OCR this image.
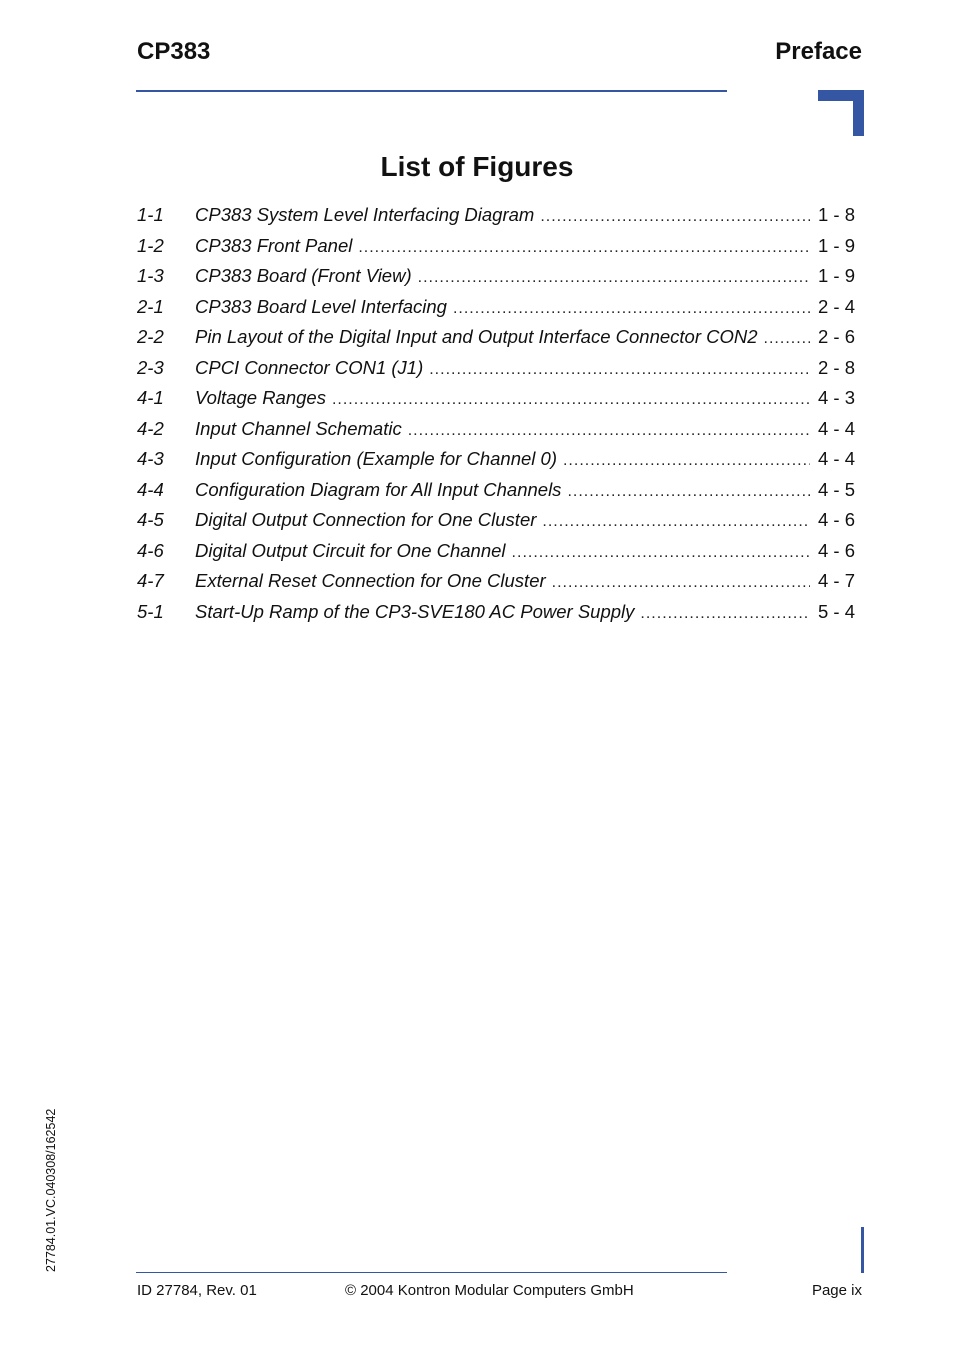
CP383	Preface
List of Figures
1-1	CP383 System Level Interfacing Diagram .....	1 - 8
1-2	CP383 Front Panel .....	1 - 9
1-3	CP383 Board (Front View) .....	1 - 9
2-1	CP383 Board Level Interfacing .....	2 - 4
2-2	Pin Layout of the Digital Input and Output Interface Connector CON2 .....	2 - 6
2-3	CPCI Connector CON1 (J1) .....	2 - 8
4-1	Voltage Ranges .....	4 - 3
4-2	Input Channel Schematic .....	4 - 4
4-3	Input Configuration (Example for Channel 0) .....	4 - 4
4-4	Configuration Diagram for All Input Channels .....	4 - 5
4-5	Digital Output Connection for One Cluster .....	4 - 6
4-6	Digital Output Circuit for One Channel .....	4 - 6
4-7	External Reset Connection for One Cluster .....	4 - 7
5-1	Start-Up Ramp of the CP3-SVE180 AC Power Supply .....	5 - 4
27784.01.VC.040308/162542
ID 27784, Rev. 01	© 2004 Kontron Modular Computers GmbH	Page ix
